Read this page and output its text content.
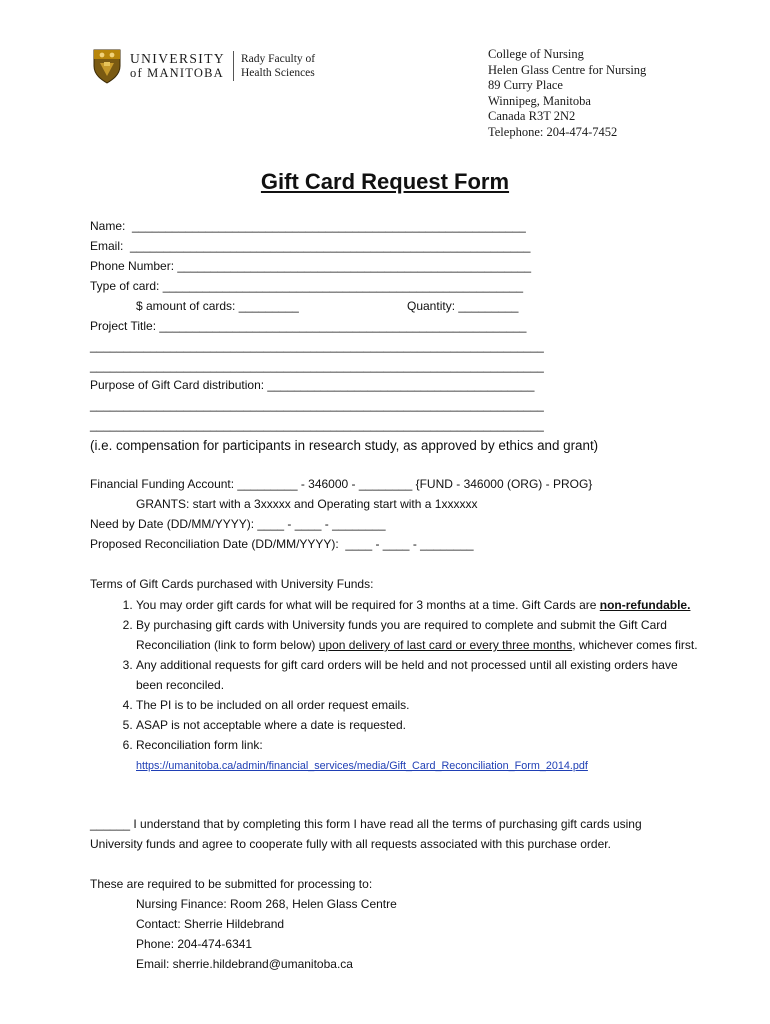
UNIVERSITY
of MANITOBA
Rady Faculty of
Health Sciences
College of Nursing
Helen Glass Centre for Nursing
89 Curry Place
Winnipeg, Manitoba
Canada R3T 2N2
Telephone: 204-474-7452
Gift Card Request Form
Name:  ___________________________________________________________
Email:  ____________________________________________________________
Phone Number: _____________________________________________________
Type of card: ______________________________________________________
$ amount of cards: _________	Quantity: _________
Project Title: _______________________________________________________
____________________________________________________________________
____________________________________________________________________
Purpose of Gift Card distribution: ________________________________________
____________________________________________________________________
____________________________________________________________________
(i.e. compensation for participants in research study, as approved by ethics and grant)
Financial Funding Account: _________ - 346000 - ________ {FUND - 346000 (ORG) - PROG}
GRANTS: start with a 3xxxxx and Operating start with a 1xxxxxx
Need by Date (DD/MM/YYYY): ____ - ____ - ________
Proposed Reconciliation Date (DD/MM/YYYY):  ____ - ____ - ________
Terms of Gift Cards purchased with University Funds:
1. You may order gift cards for what will be required for 3 months at a time. Gift Cards are non-refundable.
2. By purchasing gift cards with University funds you are required to complete and submit the Gift Card Reconciliation (link to form below) upon delivery of last card or every three months, whichever comes first.
3. Any additional requests for gift card orders will be held and not processed until all existing orders have been reconciled.
4. The PI is to be included on all order request emails.
5. ASAP is not acceptable where a date is requested.
6. Reconciliation form link:
https://umanitoba.ca/admin/financial_services/media/Gift_Card_Reconciliation_Form_2014.pdf
______ I understand that by completing this form I have read all the terms of purchasing gift cards using University funds and agree to cooperate fully with all requests associated with this purchase order.
These are required to be submitted for processing to:
Nursing Finance: Room 268, Helen Glass Centre
Contact: Sherrie Hildebrand
Phone: 204-474-6341
Email: sherrie.hildebrand@umanitoba.ca
